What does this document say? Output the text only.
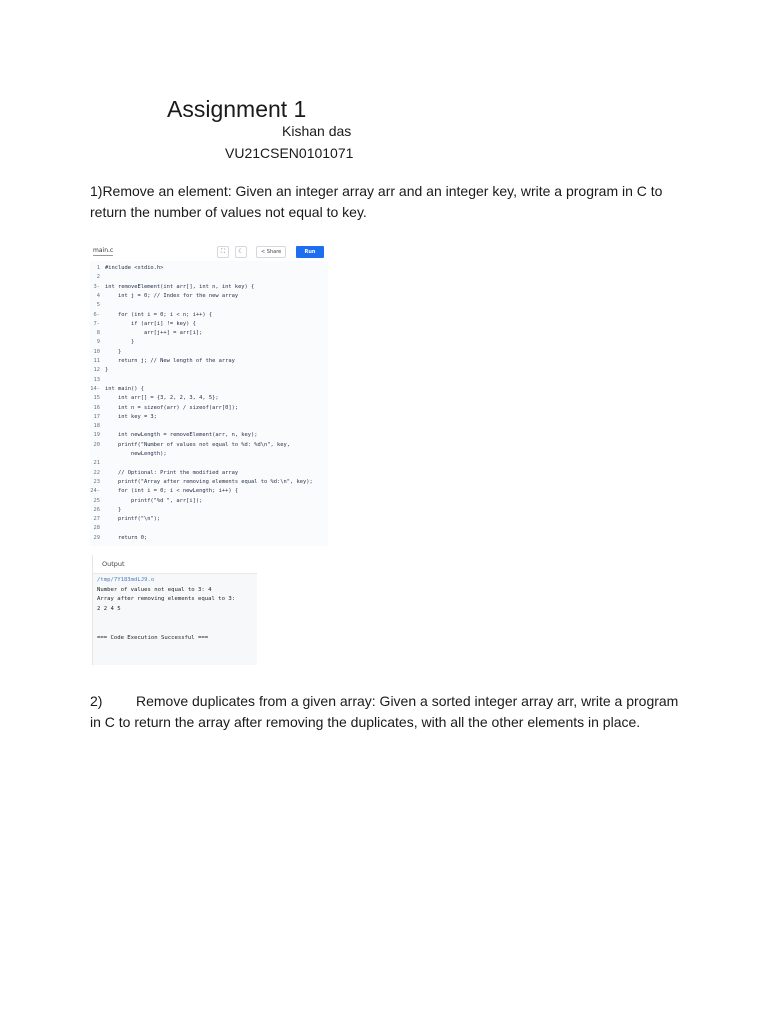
Assignment 1
Kishan das
VU21CSEN0101071
1)Remove an element: Given an integer array arr and an integer key, write a program in C to return the number of values not equal to key.
main.c	⛶	☾	< Share	Run
1 #include <stdio.h>
2
3- int removeElement(int arr[], int n, int key) {
4    int j = 0; // Index for the new array
5
6-    for (int i = 0; i < n; i++) {
7-        if (arr[i] != key) {
8            arr[j++] = arr[i];
9        }
10    }
11    return j; // New length of the array
12 }
13
14- int main() {
15    int arr[] = {3, 2, 2, 3, 4, 5};
16    int n = sizeof(arr) / sizeof(arr[0]);
17    int key = 3;
18
19    int newLength = removeElement(arr, n, key);
20    printf("Number of values not equal to %d: %d\n", key,
newLength);
21
22    // Optional: Print the modified array
23    printf("Array after removing elements equal to %d:\n", key);
24-    for (int i = 0; i < newLength; i++) {
25        printf("%d ", arr[i]);
26    }
27    printf("\n");
28
29    return 0;
Output
/tmp/7Y183mdLJ9.o
Number of values not equal to 3: 4
Array after removing elements equal to 3:
2 2 4 5
=== Code Execution Successful ===
2) Remove duplicates from a given array: Given a sorted integer array arr, write a program in C to return the array after removing the duplicates, with all the other elements in place.
